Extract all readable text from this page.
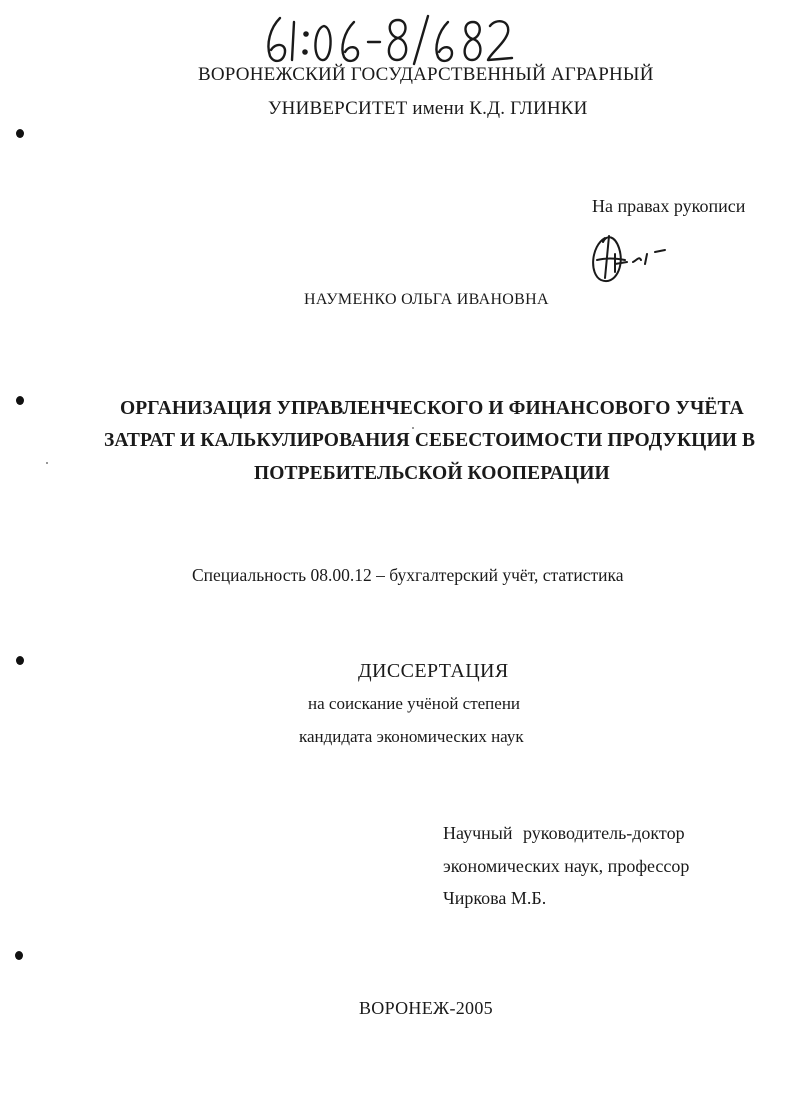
ВОРОНЕЖСКИЙ ГОСУДАРСТВЕННЫЙ АГРАРНЫЙ
УНИВЕРСИТЕТ имени К.Д. ГЛИНКИ
На правах рукописи
НАУМЕНКО ОЛЬГА ИВАНОВНА
ОРГАНИЗАЦИЯ УПРАВЛЕНЧЕСКОГО И ФИНАНСОВОГО УЧЁТА
ЗАТРАТ И КАЛЬКУЛИРОВАНИЯ СЕБЕСТОИМОСТИ ПРОДУКЦИИ В
ПОТРЕБИТЕЛЬСКОЙ КООПЕРАЦИИ
Специальность 08.00.12 – бухгалтерский учёт, статистика
ДИССЕРТАЦИЯ
на соискание учёной степени
кандидата экономических наук
Научный руководитель-доктор
экономических наук, профессор
Чиркова М.Б.
ВОРОНЕЖ-2005
